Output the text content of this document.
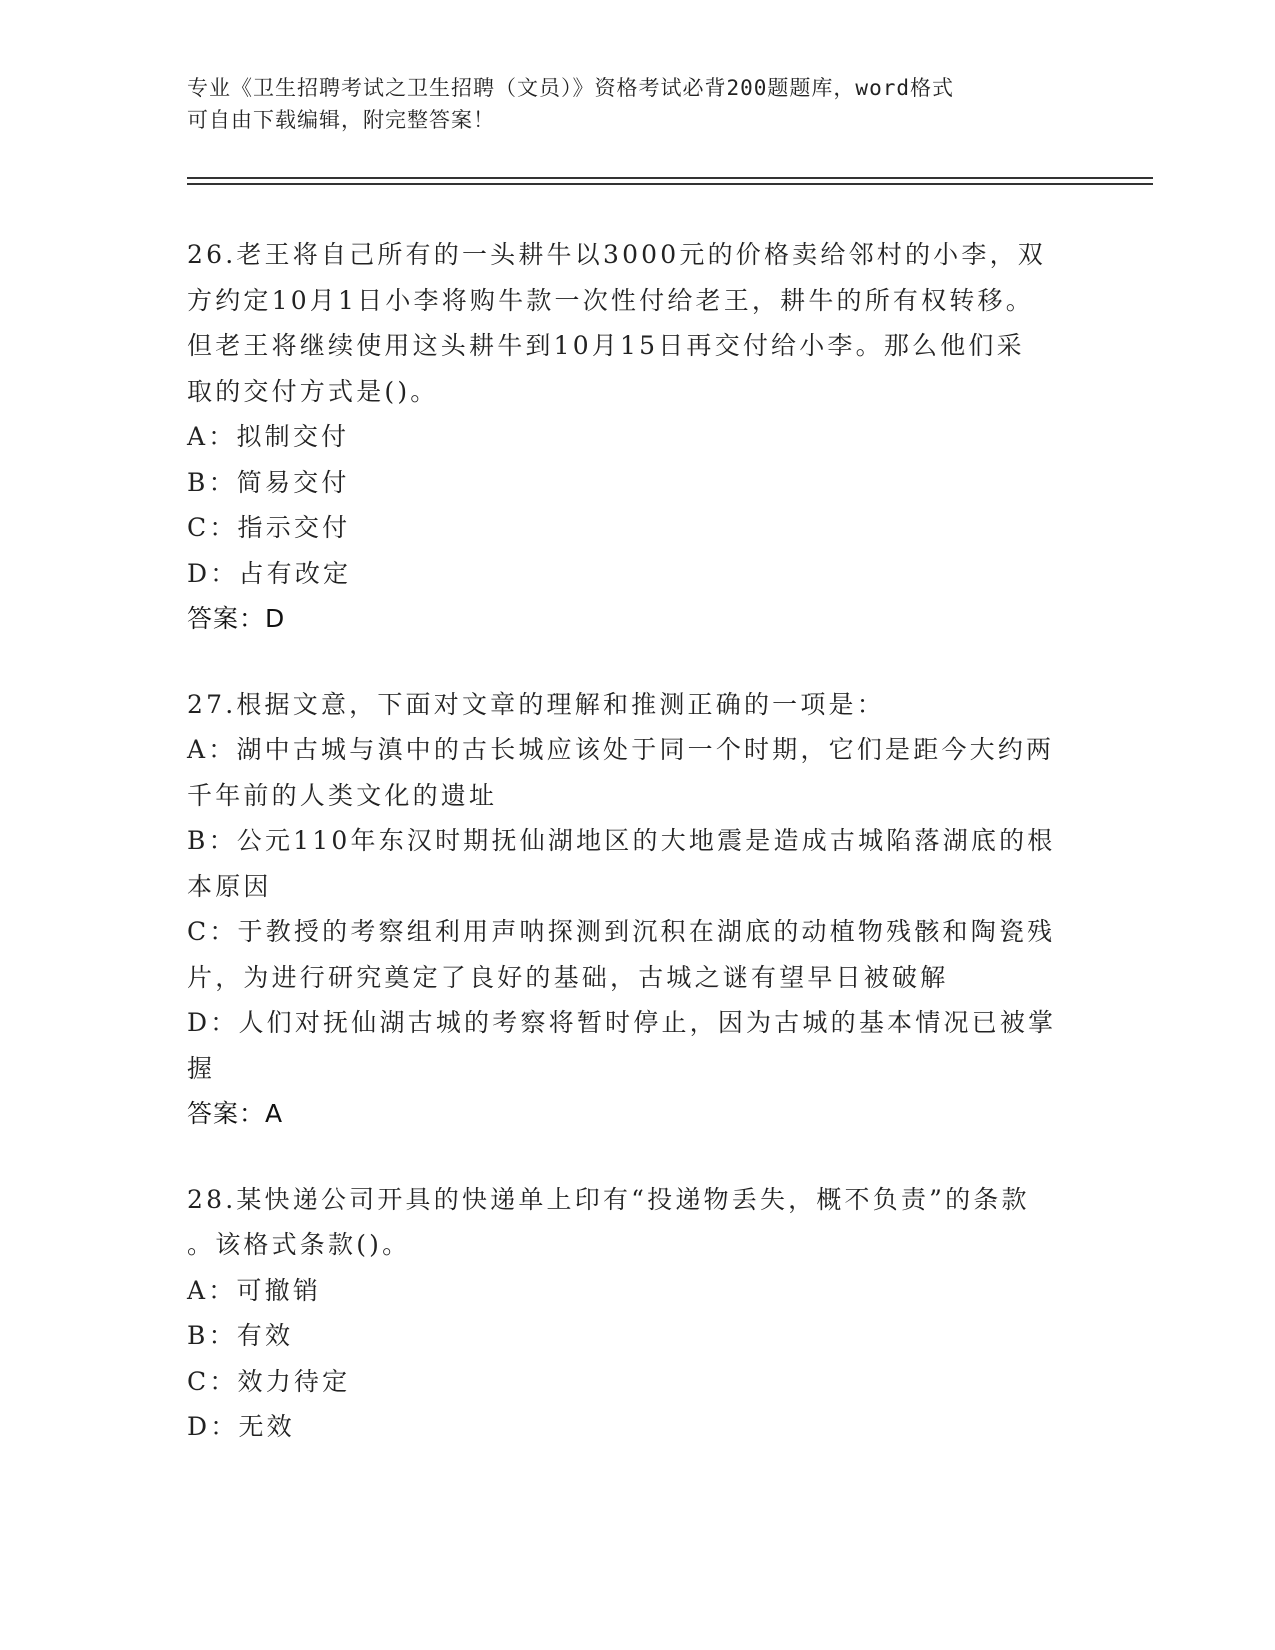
专业《卫生招聘考试之卫生招聘（文员）》资格考试必背200题题库，word格式
可自由下载编辑，附完整答案！
26.老王将自己所有的一头耕牛以3000元的价格卖给邻村的小李，双
方约定10月1日小李将购牛款一次性付给老王，耕牛的所有权转移。
但老王将继续使用这头耕牛到10月15日再交付给小李。那么他们采
取的交付方式是()。
A：拟制交付
B：简易交付
C：指示交付
D：占有改定
答案：D
27.根据文意，下面对文章的理解和推测正确的一项是：
A：湖中古城与滇中的古长城应该处于同一个时期，它们是距今大约两
千年前的人类文化的遗址
B：公元110年东汉时期抚仙湖地区的大地震是造成古城陷落湖底的根
本原因
C：于教授的考察组利用声呐探测到沉积在湖底的动植物残骸和陶瓷残
片，为进行研究奠定了良好的基础，古城之谜有望早日被破解
D：人们对抚仙湖古城的考察将暂时停止，因为古城的基本情况已被掌
握
答案：A
28.某快递公司开具的快递单上印有“投递物丢失，概不负责”的条款
。该格式条款()。
A：可撤销
B：有效
C：效力待定
D：无效
